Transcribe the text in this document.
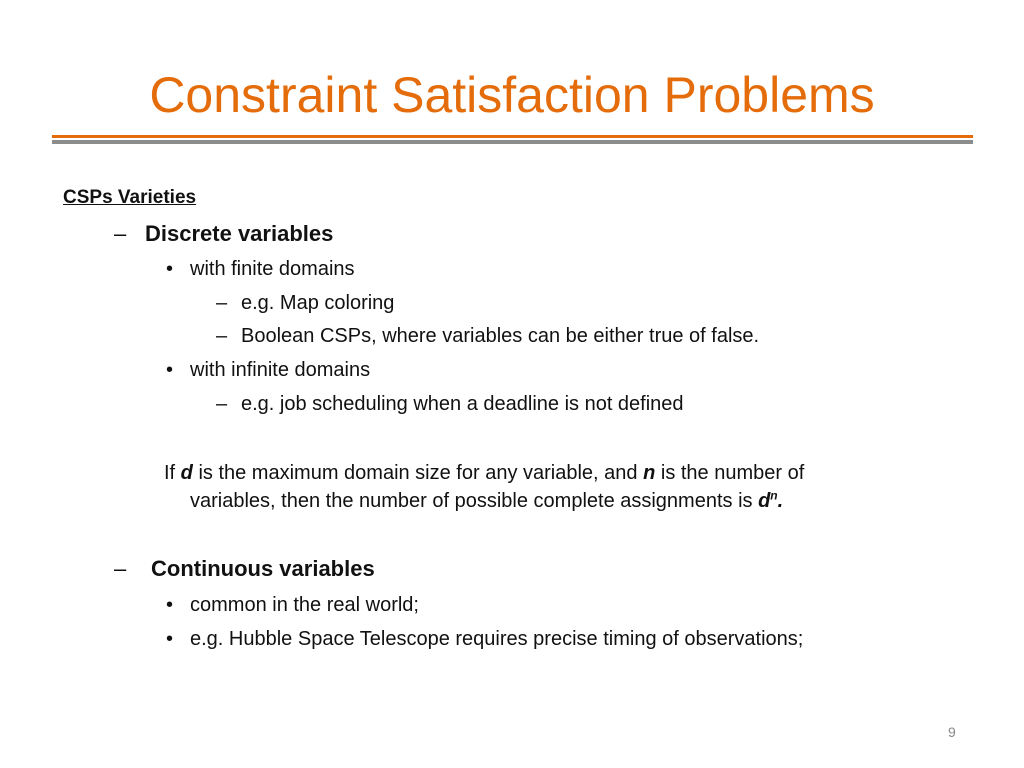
Constraint Satisfaction Problems
CSPs Varieties
– Discrete variables
• with finite domains
– e.g. Map coloring
– Boolean CSPs, where variables can be either true of false.
• with infinite domains
– e.g. job scheduling when a deadline is not defined
If d is the maximum domain size for any variable, and n is the number of
variables, then the number of possible complete assignments is $d^n$.
– Continuous variables
• common in the real world;
• e.g. Hubble Space Telescope requires precise timing of observations;
9
